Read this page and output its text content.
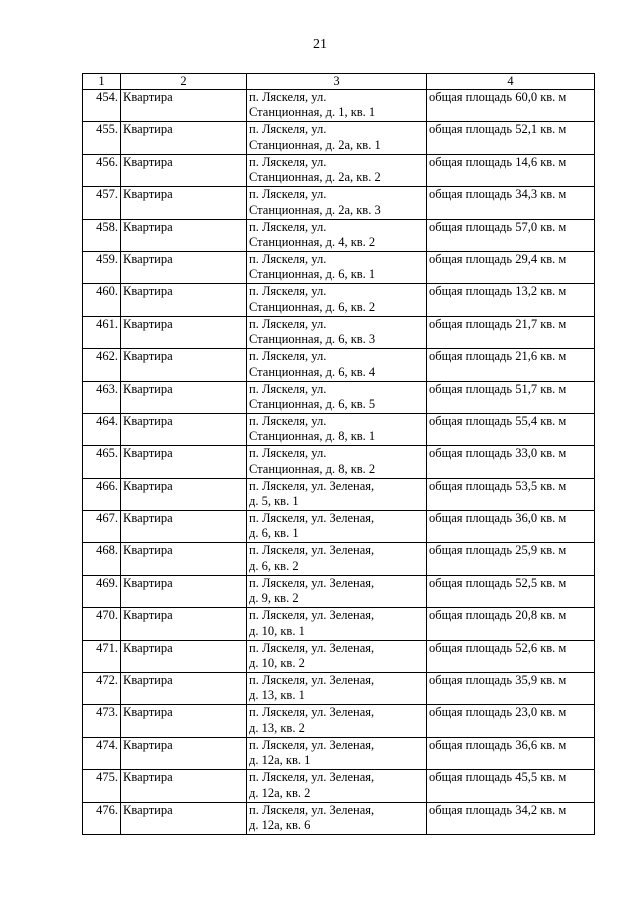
21
1	2	3	4
454.	Квартира	п. Ляскеля, ул.
Станционная, д. 1, кв. 1	общая площадь 60,0 кв. м
455.	Квартира	п. Ляскеля, ул.
Станционная, д. 2а, кв. 1	общая площадь 52,1 кв. м
456.	Квартира	п. Ляскеля, ул.
Станционная, д. 2а, кв. 2	общая площадь 14,6 кв. м
457.	Квартира	п. Ляскеля, ул.
Станционная, д. 2а, кв. 3	общая площадь 34,3 кв. м
458.	Квартира	п. Ляскеля, ул.
Станционная, д. 4, кв. 2	общая площадь 57,0 кв. м
459.	Квартира	п. Ляскеля, ул.
Станционная, д. 6, кв. 1	общая площадь 29,4 кв. м
460.	Квартира	п. Ляскеля, ул.
Станционная, д. 6, кв. 2	общая площадь 13,2 кв. м
461.	Квартира	п. Ляскеля, ул.
Станционная, д. 6, кв. 3	общая площадь 21,7 кв. м
462.	Квартира	п. Ляскеля, ул.
Станционная, д. 6, кв. 4	общая площадь 21,6 кв. м
463.	Квартира	п. Ляскеля, ул.
Станционная, д. 6, кв. 5	общая площадь 51,7 кв. м
464.	Квартира	п. Ляскеля, ул.
Станционная, д. 8, кв. 1	общая площадь 55,4 кв. м
465.	Квартира	п. Ляскеля, ул.
Станционная, д. 8, кв. 2	общая площадь 33,0 кв. м
466.	Квартира	п. Ляскеля, ул. Зеленая,
д. 5, кв. 1	общая площадь 53,5 кв. м
467.	Квартира	п. Ляскеля, ул. Зеленая,
д. 6, кв. 1	общая площадь 36,0 кв. м
468.	Квартира	п. Ляскеля, ул. Зеленая,
д. 6, кв. 2	общая площадь 25,9 кв. м
469.	Квартира	п. Ляскеля, ул. Зеленая,
д. 9, кв. 2	общая площадь 52,5 кв. м
470.	Квартира	п. Ляскеля, ул. Зеленая,
д. 10, кв. 1	общая площадь 20,8 кв. м
471.	Квартира	п. Ляскеля, ул. Зеленая,
д. 10, кв. 2	общая площадь 52,6 кв. м
472.	Квартира	п. Ляскеля, ул. Зеленая,
д. 13, кв. 1	общая площадь 35,9 кв. м
473.	Квартира	п. Ляскеля, ул. Зеленая,
д. 13, кв. 2	общая площадь 23,0 кв. м
474.	Квартира	п. Ляскеля, ул. Зеленая,
д. 12а, кв. 1	общая площадь 36,6 кв. м
475.	Квартира	п. Ляскеля, ул. Зеленая,
д. 12а, кв. 2	общая площадь 45,5 кв. м
476.	Квартира	п. Ляскеля, ул. Зеленая,
д. 12а, кв. 6	общая площадь 34,2 кв. м
